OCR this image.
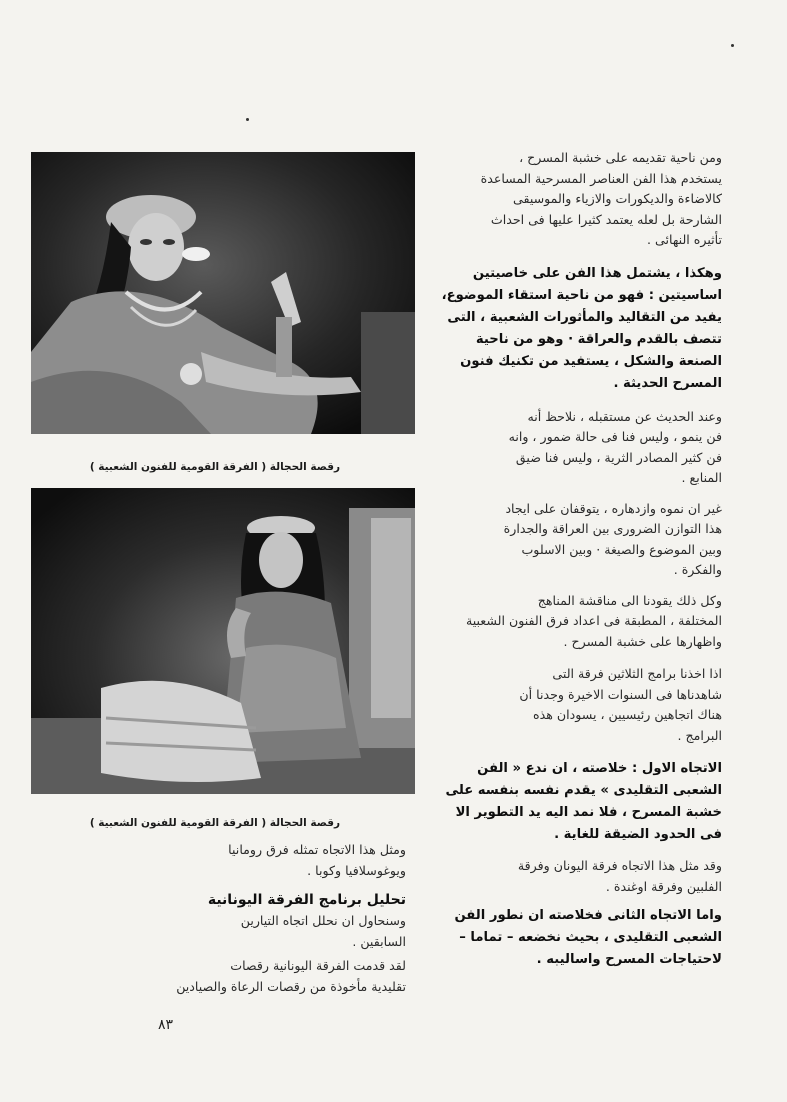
رقصة الحجالة ( الفرقة القومية للفنون الشعبية )
رقصة الحجالة ( الفرقة القومية للفنون الشعبية )

ومثل هذا الاتجاه تمثله فرق رومانيا
ويوغوسلافيا وكوبا .

تحليل برنامج الفرقة اليونانية

وسنحاول ان نحلل اتجاه التيارين
السابقين .

لقد قدمت الفرقة اليونانية رقصات
تقليدية مأخوذة من رقصات الرعاة والصيادين

ومن ناحية تقديمه على خشبة المسرح ،
يستخدم هذا الفن العناصر المسرحية المساعدة
كالاضاءة والديكورات والازياء والموسيقى
الشارحة بل لعله يعتمد كثيرا عليها فى احداث
تأثيره النهائى .

وهكذا ، يشتمل هذا الفن على خاصيتين
اساسيتين : فهو من ناحية استقاء الموضوع،
يفيد من التقاليد والمأثورات الشعبية ، التى
تتصف بالقدم والعراقة · وهو من ناحية
الصنعة والشكل ، يستفيد من تكنيك فنون
المسرح الحديثة .

وعند الحديث عن مستقبله ، نلاحظ أنه
فن ينمو ، وليس فنا فى حالة ضمور ، وانه
فن كثير المصادر الثرية ، وليس فنا ضيق
المنابع .

غير ان نموه وازدهاره ، يتوقفان على ايجاد
هذا التوازن الضرورى بين العراقة والجدارة
وبين الموضوع والصيغة · وبين الاسلوب
والفكرة .

وكل ذلك يقودنا الى مناقشة المناهج
المختلفة ، المطبقة فى اعداد فرق الفنون الشعبية
واظهارها على خشبة المسرح .

اذا اخذنا برامج الثلاثين فرقة التى
شاهدناها فى السنوات الاخيرة وجدنا أن
هناك اتجاهين رئيسيين ، يسودان هذه
البرامج .

الاتجاه الاول : خلاصته ، ان ندع « الفن
الشعبى التقليدى » يقدم نفسه بنفسه على
خشبة المسرح ، فلا نمد اليه يد التطوير الا
فى الحدود الضيقة للغاية .

وقد مثل هذا الاتجاه فرقة اليونان وفرقة
الفلبين وفرقة اوغندة .

واما الاتجاه الثانى فخلاصته ان نطور الفن
الشعبى التقليدى ، بحيث نخضعه – تماما –
لاحتياجات المسرح واساليبه .

٨٣
